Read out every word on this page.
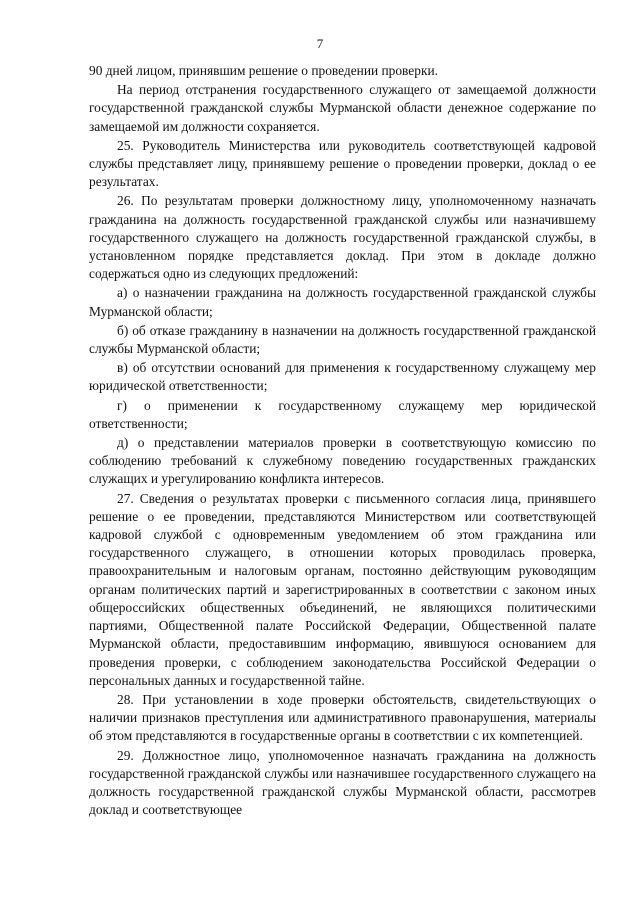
7

90 дней лицом, принявшим решение о проведении проверки.

На период отстранения государственного служащего от замещаемой должности государственной гражданской службы Мурманской области денежное содержание по замещаемой им должности сохраняется.

25. Руководитель Министерства или руководитель соответствующей кадровой службы представляет лицу, принявшему решение о проведении проверки, доклад о ее результатах.

26. По результатам проверки должностному лицу, уполномоченному назначать гражданина на должность государственной гражданской службы или назначившему государственного служащего на должность государственной гражданской службы, в установленном порядке представляется доклад. При этом в докладе должно содержаться одно из следующих предложений:

а) о назначении гражданина на должность государственной гражданской службы Мурманской области;

б) об отказе гражданину в назначении на должность государственной гражданской службы Мурманской области;

в) об отсутствии оснований для применения к государственному служащему мер юридической ответственности;

г) о применении к государственному служащему мер юридической ответственности;

д) о представлении материалов проверки в соответствующую комиссию по соблюдению требований к служебному поведению государственных гражданских служащих и урегулированию конфликта интересов.

27. Сведения о результатах проверки с письменного согласия лица, принявшего решение о ее проведении, представляются Министерством или соответствующей кадровой службой с одновременным уведомлением об этом гражданина или государственного служащего, в отношении которых проводилась проверка, правоохранительным и налоговым органам, постоянно действующим руководящим органам политических партий и зарегистрированных в соответствии с законом иных общероссийских общественных объединений, не являющихся политическими партиями, Общественной палате Российской Федерации, Общественной палате Мурманской области, предоставившим информацию, явившуюся основанием для проведения проверки, с соблюдением законодательства Российской Федерации о персональных данных и государственной тайне.

28. При установлении в ходе проверки обстоятельств, свидетельствующих о наличии признаков преступления или административного правонарушения, материалы об этом представляются в государственные органы в соответствии с их компетенцией.

29. Должностное лицо, уполномоченное назначать гражданина на должность государственной гражданской службы или назначившее государственного служащего на должность государственной гражданской службы Мурманской области, рассмотрев доклад и соответствующее
